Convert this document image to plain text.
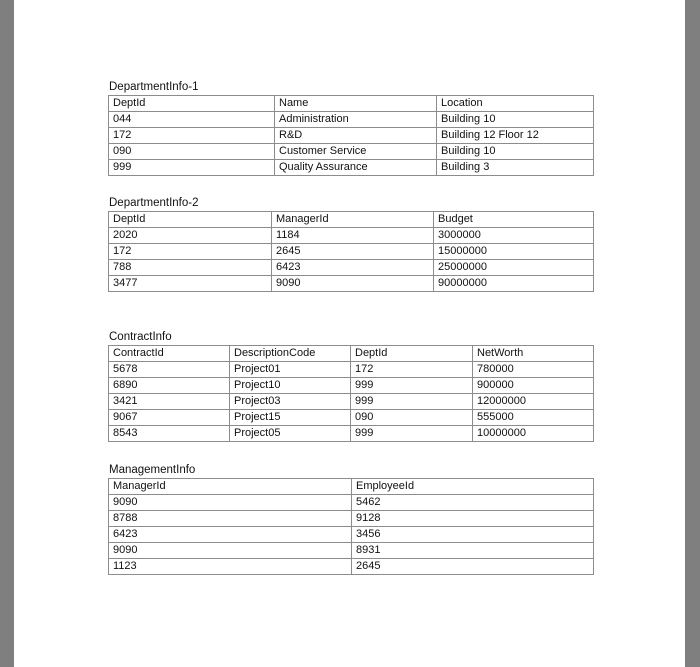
DepartmentInfo-1
DeptId	Name	Location
044	Administration	Building 10
172	R&D	Building 12 Floor 12
090	Customer Service	Building 10
999	Quality Assurance	Building 3
DepartmentInfo-2
DeptId	ManagerId	Budget
2020	1184	3000000
172	2645	15000000
788	6423	25000000
3477	9090	90000000
ContractInfo
ContractId	DescriptionCode	DeptId	NetWorth
5678	Project01	172	780000
6890	Project10	999	900000
3421	Project03	999	12000000
9067	Project15	090	555000
8543	Project05	999	10000000
ManagementInfo
ManagerId	EmployeeId
9090	5462
8788	9128
6423	3456
9090	8931
1123	2645
